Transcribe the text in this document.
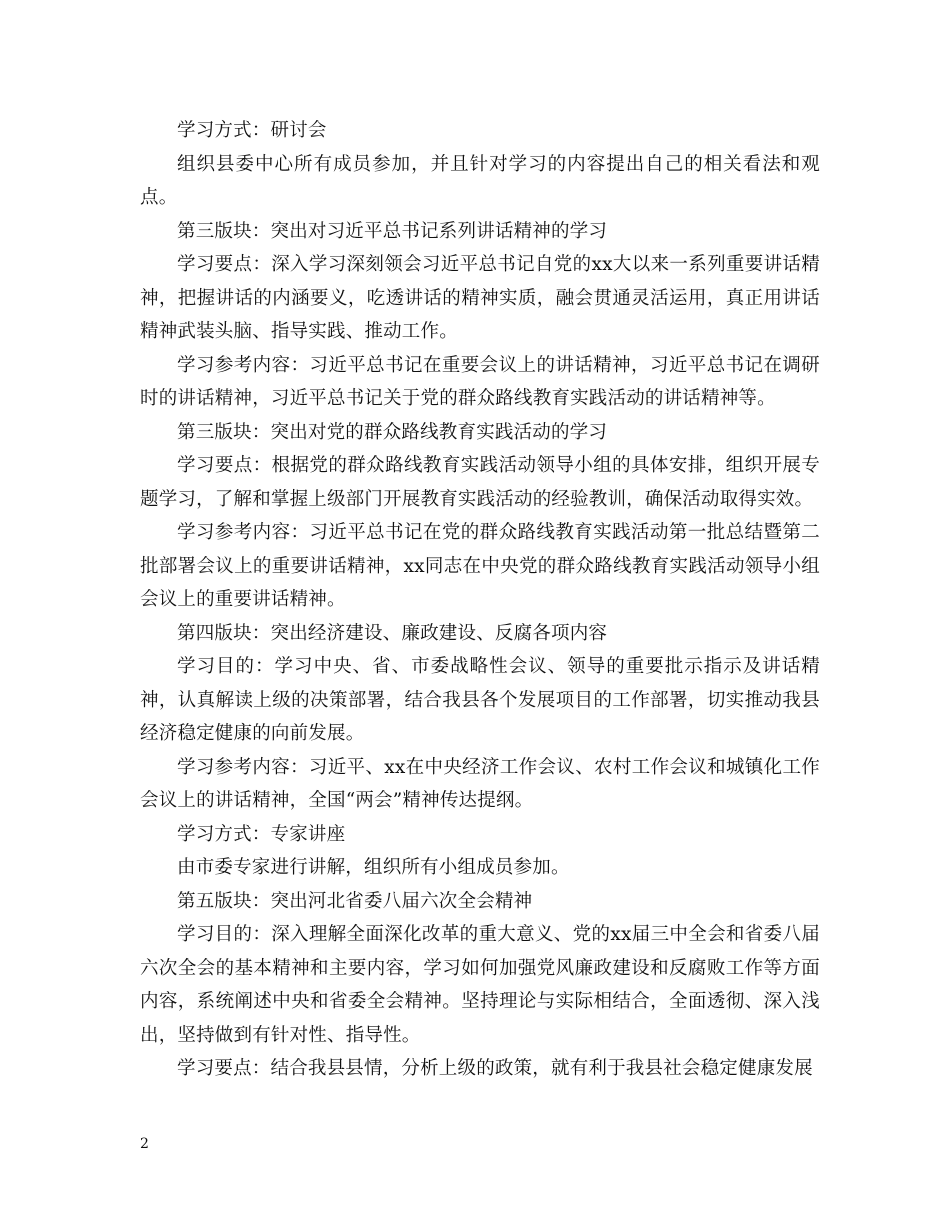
学习方式：研讨会

组织县委中心所有成员参加，并且针对学习的内容提出自己的相关看法和观点。

第三版块：突出对习近平总书记系列讲话精神的学习

学习要点：深入学习深刻领会习近平总书记自党的xx大以来一系列重要讲话精神，把握讲话的内涵要义，吃透讲话的精神实质，融会贯通灵活运用，真正用讲话精神武装头脑、指导实践、推动工作。

学习参考内容：习近平总书记在重要会议上的讲话精神，习近平总书记在调研时的讲话精神，习近平总书记关于党的群众路线教育实践活动的讲话精神等。

第三版块：突出对党的群众路线教育实践活动的学习

学习要点：根据党的群众路线教育实践活动领导小组的具体安排，组织开展专题学习，了解和掌握上级部门开展教育实践活动的经验教训，确保活动取得实效。

学习参考内容：习近平总书记在党的群众路线教育实践活动第一批总结暨第二批部署会议上的重要讲话精神，xx同志在中央党的群众路线教育实践活动领导小组会议上的重要讲话精神。

第四版块：突出经济建设、廉政建设、反腐各项内容

学习目的：学习中央、省、市委战略性会议、领导的重要批示指示及讲话精神，认真解读上级的决策部署，结合我县各个发展项目的工作部署，切实推动我县经济稳定健康的向前发展。

学习参考内容：习近平、xx在中央经济工作会议、农村工作会议和城镇化工作会议上的讲话精神，全国“两会”精神传达提纲。

学习方式：专家讲座

由市委专家进行讲解，组织所有小组成员参加。

第五版块：突出河北省委八届六次全会精神

学习目的：深入理解全面深化改革的重大意义、党的xx届三中全会和省委八届六次全会的基本精神和主要内容，学习如何加强党风廉政建设和反腐败工作等方面内容，系统阐述中央和省委全会精神。坚持理论与实际相结合，全面透彻、深入浅出，坚持做到有针对性、指导性。

学习要点：结合我县县情，分析上级的政策，就有利于我县社会稳定健康发展

2
